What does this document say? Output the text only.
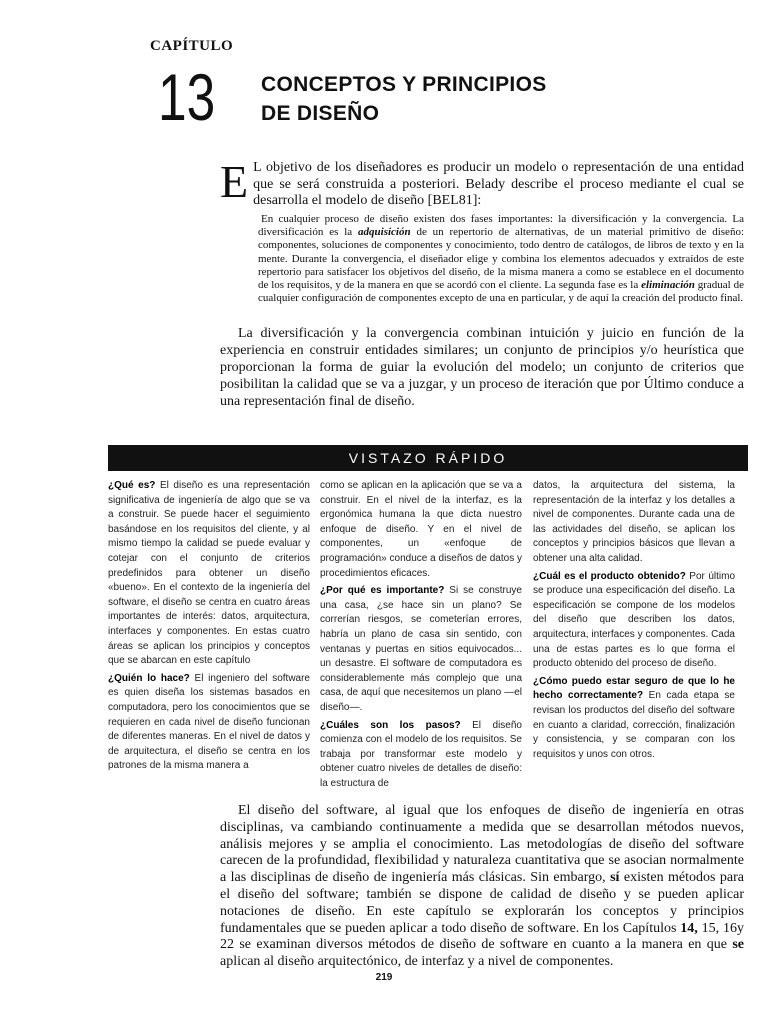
CAPÍTULO
13 CONCEPTOS Y PRINCIPIOS
DE DISEÑO
E L objetivo de los diseñadores es producir un modelo o representación de una entidad que se será construida a posteriori. Belady describe el proceso mediante el cual se desarrolla el modelo de diseño [BEL81]:
En cualquier proceso de diseño existen dos fases importantes: la diversificación y la convergencia. La diversificación es la adquisición de un repertorio de alternativas, de un material primitivo de diseño: componentes, soluciones de componentes y conocimiento, todo dentro de catálogos, de libros de texto y en la mente. Durante la convergencia, el diseñador elige y combina los elementos adecuados y extraídos de este repertorio para satisfacer los objetivos del diseño, de la misma manera a como se establece en el documento de los requisitos, y de la manera en que se acordó con el cliente. La segunda fase es la eliminación gradual de cualquier configuración de componentes excepto de una en particular, y de aquí la creación del producto final.
La diversificación y la convergencia combinan intuición y juicio en función de la experiencia en construir entidades similares; un conjunto de principios y/o heurística que proporcionan la forma de guiar la evolución del modelo; un conjunto de criterios que posibilitan la calidad que se va a juzgar, y un proceso de iteración que por Último conduce a una representación final de diseño.
VISTAZO RÁPIDO

¿Qué es? El diseño es una representación significativa de ingeniería de algo que se va a construir. Se puede hacer el seguimiento basándose en los requisitos del cliente, y al mismo tiempo la calidad se puede evaluar y cotejar con el conjunto de criterios predefinidos para obtener un diseño «bueno». En el contexto de la ingeniería del software, el diseño se centra en cuatro áreas importantes de interés: datos, arquitectura, interfaces y componentes. En estas cuatro áreas se aplican los principios y conceptos que se abarcan en este capítulo

¿Quién lo hace? El ingeniero del software es quien diseña los sistemas basados en computadora, pero los conocimientos que se requieren en cada nivel de diseño funcionan de diferentes maneras. En el nivel de datos y de arquitectura, el diseño se centra en los patrones de la misma manera a

como se aplican en la aplicación que se va a construir. En el nivel de la interfaz, es la ergonómica humana la que dicta nuestro enfoque de diseño. Y en el nivel de componentes, un «enfoque de programación» conduce a diseños de datos y procedimientos eficaces.

¿Por qué es importante? Si se construye una casa, ¿se hace sin un plano? Se correrían riesgos, se cometerían errores, habría un plano de casa sin sentido, con ventanas y puertas en sitios equivocados... un desastre. El software de computadora es considerablemente más complejo que una casa, de aquí que necesitemos un plano —el diseño—.

¿Cuáles son los pasos? El diseño comienza con el modelo de los requisitos. Se trabaja por transformar este modelo y obtener cuatro niveles de detalles de diseño: la estructura de

datos, la arquitectura del sistema, la representación de la interfaz y los detalles a nivel de componentes. Durante cada una de las actividades del diseño, se aplican los conceptos y principios básicos que llevan a obtener una alta calidad.

¿Cuál es el producto obtenido? Por último se produce una especificación del diseño. La especificación se compone de los modelos del diseño que describen los datos, arquitectura, interfaces y componentes. Cada una de estas partes es lo que forma el producto obtenido del proceso de diseño.

¿Cómo puedo estar seguro de que lo he hecho correctamente? En cada etapa se revisan los productos del diseño del software en cuanto a claridad, corrección, finalización y consistencia, y se comparan con los requisitos y unos con otros.

El diseño del software, al igual que los enfoques de diseño de ingeniería en otras disciplinas, va cambiando continuamente a medida que se desarrollan métodos nuevos, análisis mejores y se amplia el conocimiento. Las metodologías de diseño del software carecen de la profundidad, flexibilidad y naturaleza cuantitativa que se asocian normalmente a las disciplinas de diseño de ingeniería más clásicas. Sin embargo, sí existen métodos para el diseño del software; también se dispone de calidad de diseño y se pueden aplicar notaciones de diseño. En este capítulo se explorarán los conceptos y principios fundamentales que se pueden aplicar a todo diseño de software. En los Capítulos 14, 15, 16y 22 se examinan diversos métodos de diseño de software en cuanto a la manera en que se aplican al diseño arquitectónico, de interfaz y a nivel de componentes.
219
